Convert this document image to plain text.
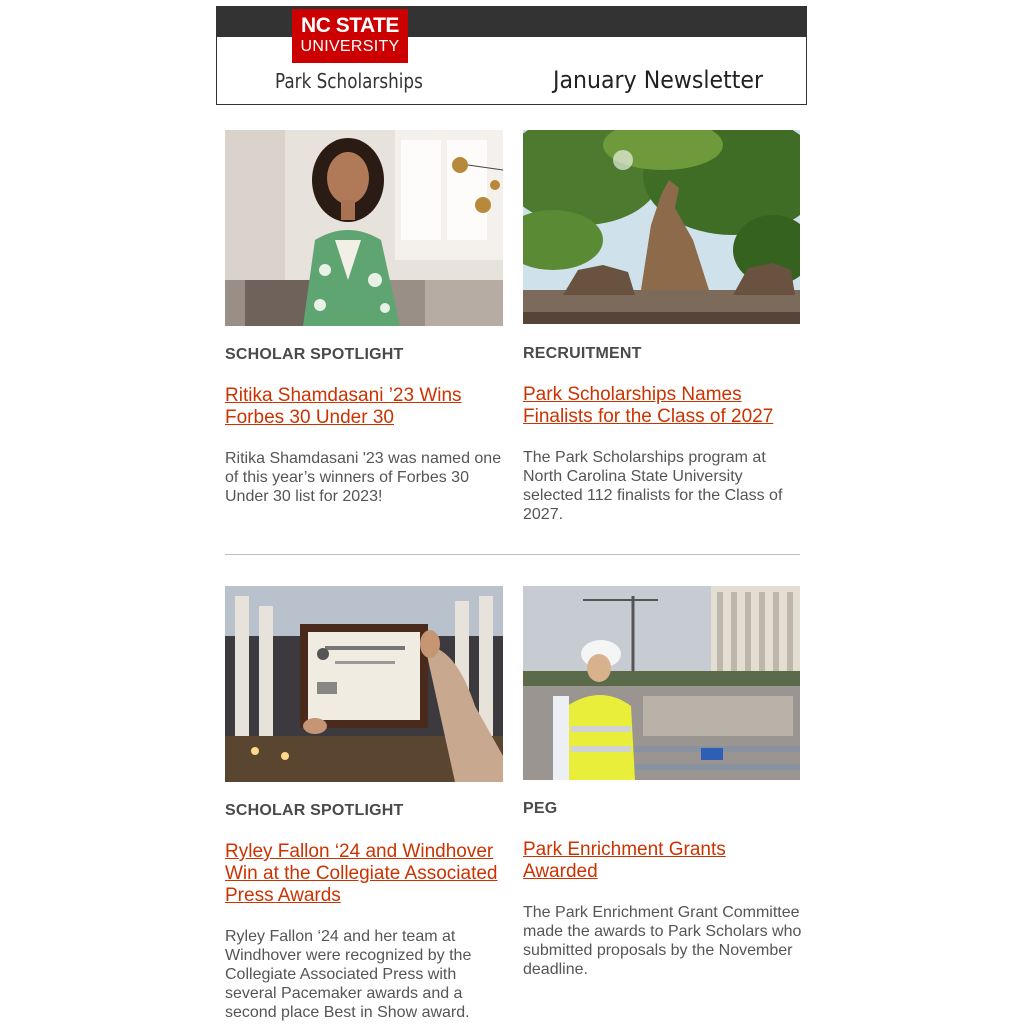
NC STATE
UNIVERSITY
Park Scholarships	January Newsletter
SCHOLAR SPOTLIGHT
Ritika Shamdasani ’23 Wins Forbes 30 Under 30
Ritika Shamdasani '23 was named one of this year’s winners of Forbes 30 Under 30 list for 2023!
RECRUITMENT
Park Scholarships Names Finalists for the Class of 2027
The Park Scholarships program at North Carolina State University selected 112 finalists for the Class of 2027.
SCHOLAR SPOTLIGHT
Ryley Fallon ‘24 and Windhover Win at the Collegiate Associated Press Awards
Ryley Fallon ‘24 and her team at Windhover were recognized by the Collegiate Associated Press with several Pacemaker awards and a second place Best in Show award.
PEG
Park Enrichment Grants Awarded
The Park Enrichment Grant Committee made the awards to Park Scholars who submitted proposals by the November deadline.
